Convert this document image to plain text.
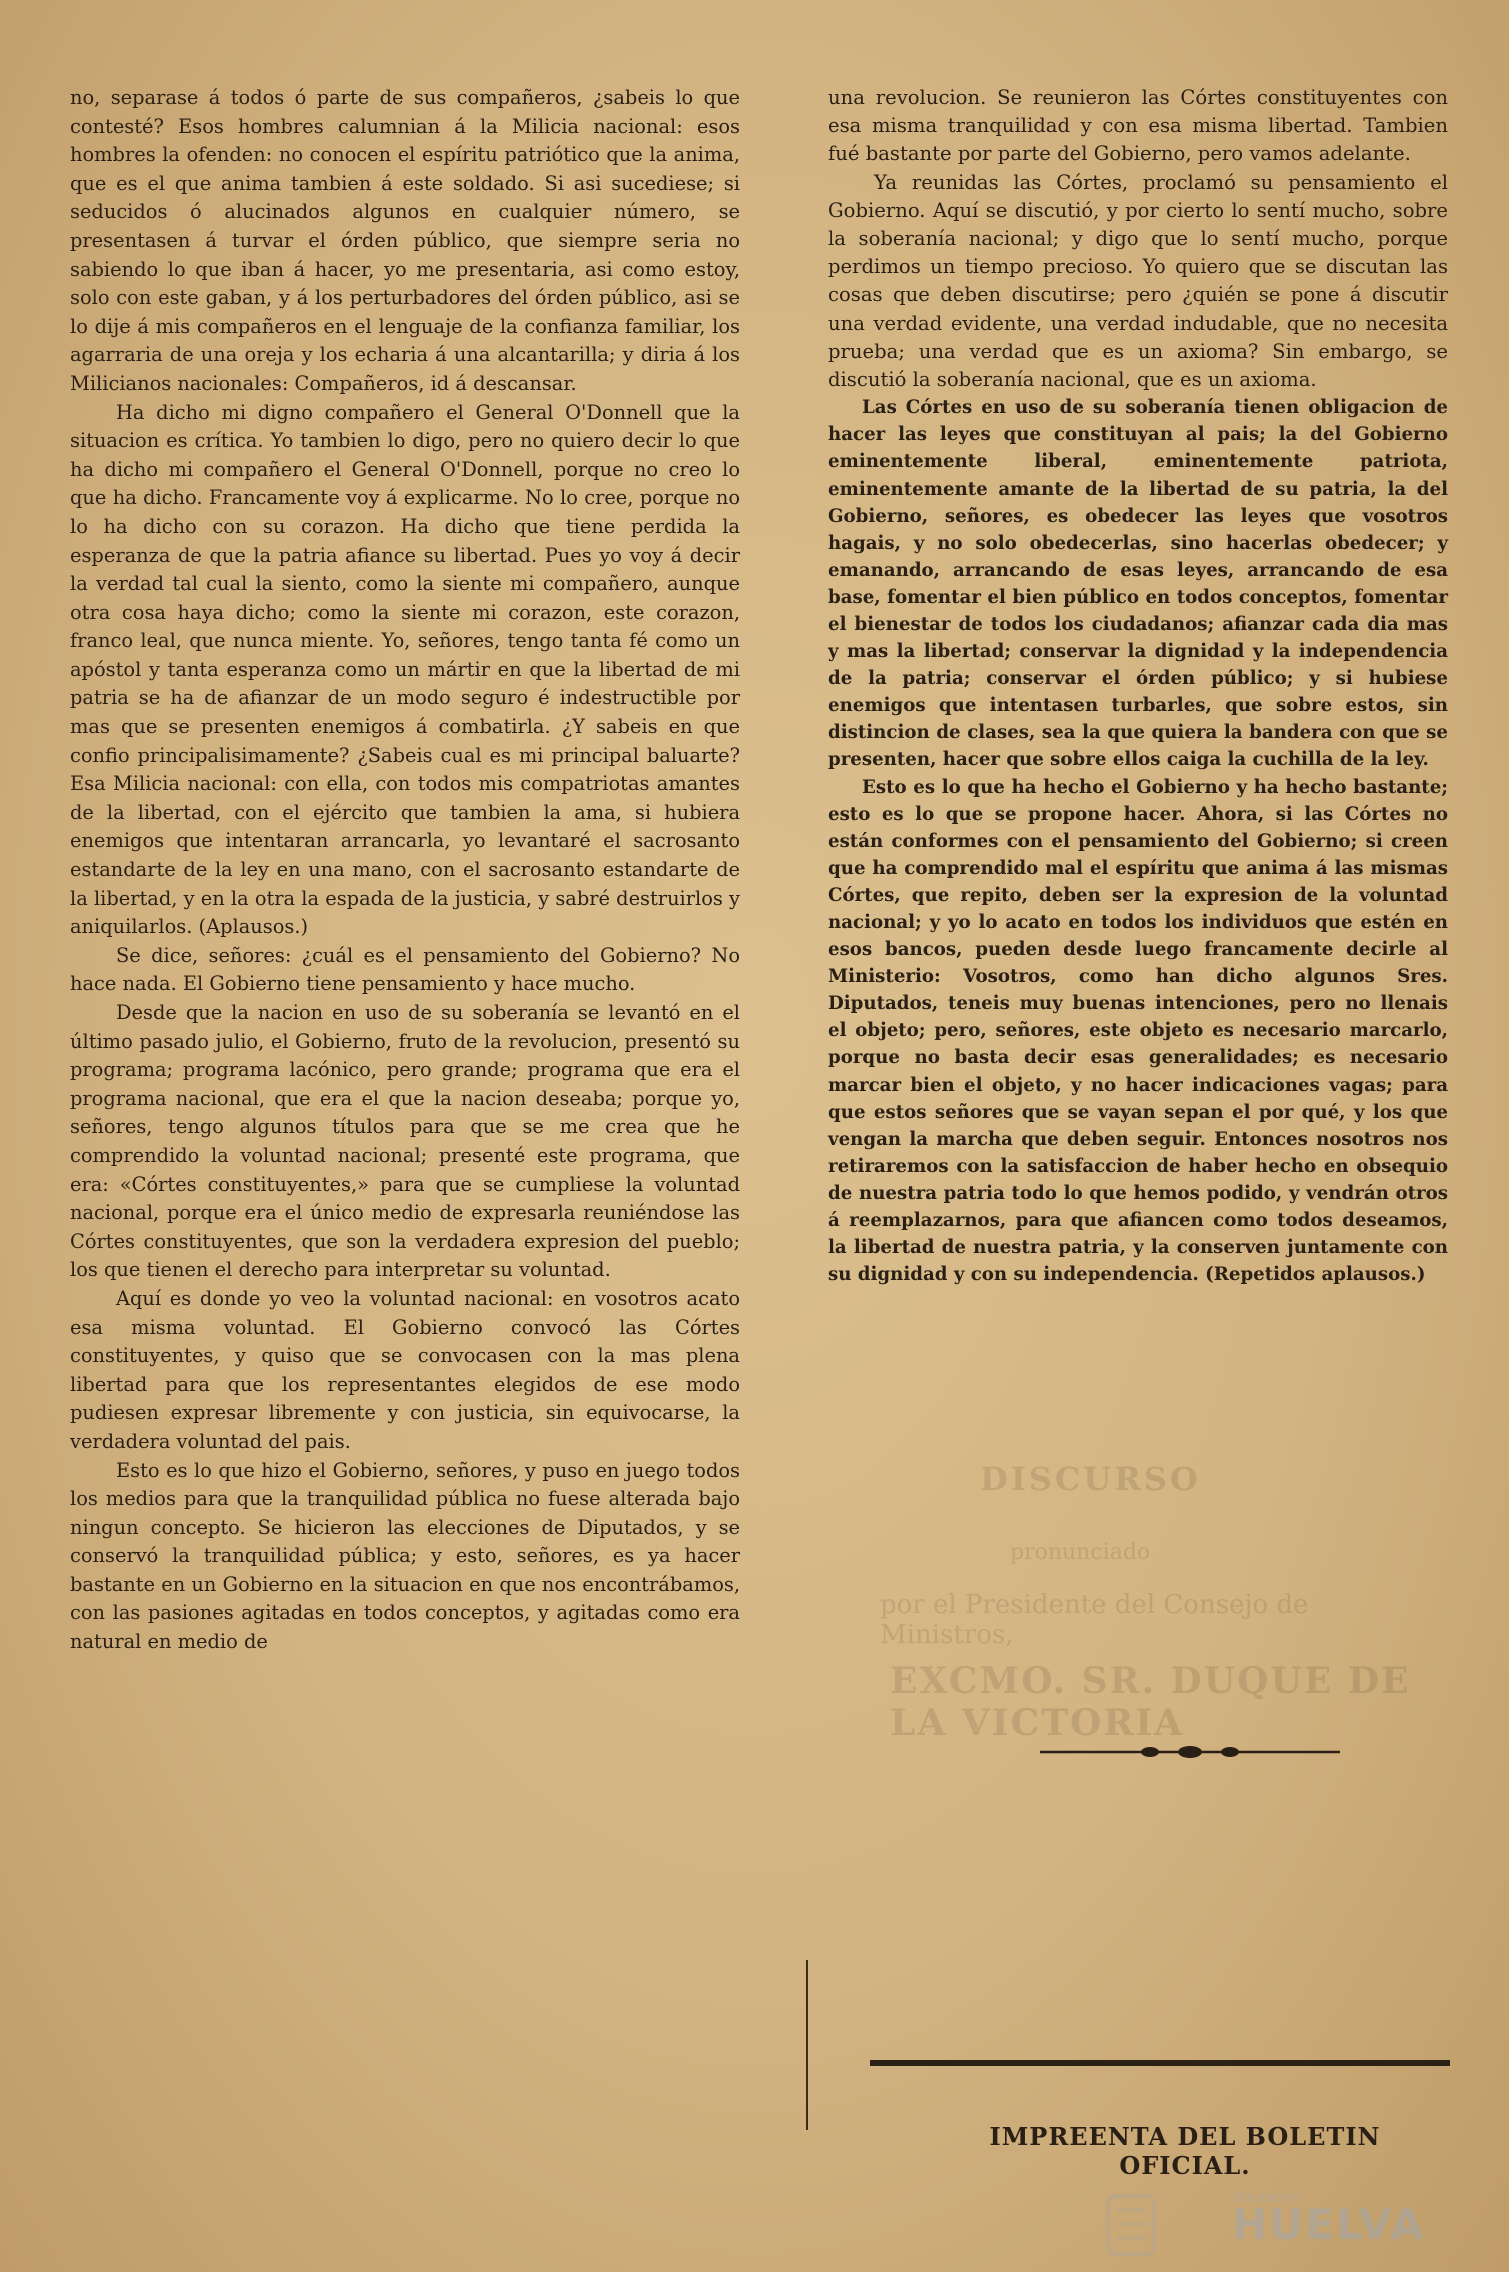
DISCURSO
pronunciado
por el Presidente del Consejo de Ministros,
EXCMO. SR. DUQUE DE LA VICTORIA

no, separase á todos ó parte de sus compañeros, ¿sabeis lo que contesté? Esos hombres calumnian á la Milicia nacional: esos hombres la ofenden: no conocen el espíritu patriótico que la anima, que es el que anima tambien á este soldado. Si asi sucediese; si seducidos ó alucinados algunos en cualquier número, se presentasen á turvar el órden público, que siempre seria no sabiendo lo que iban á hacer, yo me presentaria, asi como estoy, solo con este gaban, y á los perturbadores del órden público, asi se lo dije á mis compañeros en el lenguaje de la confianza familiar, los agarraria de una oreja y los echaria á una alcantarilla; y diria á los Milicianos nacionales: Compañeros, id á descansar.

Ha dicho mi digno compañero el General O'Donnell que la situacion es crítica. Yo tambien lo digo, pero no quiero decir lo que ha dicho mi compañero el General O'Donnell, porque no creo lo que ha dicho. Francamente voy á explicarme. No lo cree, porque no lo ha dicho con su corazon. Ha dicho que tiene perdida la esperanza de que la patria afiance su libertad. Pues yo voy á decir la verdad tal cual la siento, como la siente mi compañero, aunque otra cosa haya dicho; como la siente mi corazon, este corazon, franco leal, que nunca miente. Yo, señores, tengo tanta fé como un apóstol y tanta esperanza como un mártir en que la libertad de mi patria se ha de afianzar de un modo seguro é indestructible por mas que se presenten enemigos á combatirla. ¿Y sabeis en que confio principalisimamente? ¿Sabeis cual es mi principal baluarte? Esa Milicia nacional: con ella, con todos mis compatriotas amantes de la libertad, con el ejército que tambien la ama, si hubiera enemigos que intentaran arrancarla, yo levantaré el sacrosanto estandarte de la ley en una mano, con el sacrosanto estandarte de la libertad, y en la otra la espada de la justicia, y sabré destruirlos y aniquilarlos. (Aplausos.)

Se dice, señores: ¿cuál es el pensamiento del Gobierno? No hace nada. El Gobierno tiene pensamiento y hace mucho.

Desde que la nacion en uso de su soberanía se levantó en el último pasado julio, el Gobierno, fruto de la revolucion, presentó su programa; programa lacónico, pero grande; programa que era el programa nacional, que era el que la nacion deseaba; porque yo, señores, tengo algunos títulos para que se me crea que he comprendido la voluntad nacional; presenté este programa, que era: «Córtes constituyentes,» para que se cumpliese la voluntad nacional, porque era el único medio de expresarla reuniéndose las Córtes constituyentes, que son la verdadera expresion del pueblo; los que tienen el derecho para interpretar su voluntad.

Aquí es donde yo veo la voluntad nacional: en vosotros acato esa misma voluntad. El Gobierno convocó las Córtes constituyentes, y quiso que se convocasen con la mas plena libertad para que los representantes elegidos de ese modo pudiesen expresar libremente y con justicia, sin equivocarse, la verdadera voluntad del pais.

Esto es lo que hizo el Gobierno, señores, y puso en juego todos los medios para que la tranquilidad pública no fuese alterada bajo ningun concepto. Se hicieron las elecciones de Diputados, y se conservó la tranquilidad pública; y esto, señores, es ya hacer bastante en un Gobierno en la situacion en que nos encontrábamos, con las pasiones agitadas en todos conceptos, y agitadas como era natural en medio de

una revolucion. Se reunieron las Córtes constituyentes con esa misma tranquilidad y con esa misma libertad. Tambien fué bastante por parte del Gobierno, pero vamos adelante.

Ya reunidas las Córtes, proclamó su pensamiento el Gobierno. Aquí se discutió, y por cierto lo sentí mucho, sobre la soberanía nacional; y digo que lo sentí mucho, porque perdimos un tiempo precioso. Yo quiero que se discutan las cosas que deben discutirse; pero ¿quién se pone á discutir una verdad evidente, una verdad indudable, que no necesita prueba; una verdad que es un axioma? Sin embargo, se discutió la soberanía nacional, que es un axioma.

Las Córtes en uso de su soberanía tienen obligacion de hacer las leyes que constituyan al pais; la del Gobierno eminentemente liberal, eminentemente patriota, eminentemente amante de la libertad de su patria, la del Gobierno, señores, es obedecer las leyes que vosotros hagais, y no solo obedecerlas, sino hacerlas obedecer; y emanando, arrancando de esas leyes, arrancando de esa base, fomentar el bien público en todos conceptos, fomentar el bienestar de todos los ciudadanos; afianzar cada dia mas y mas la libertad; conservar la dignidad y la independencia de la patria; conservar el órden público; y si hubiese enemigos que intentasen turbarles, que sobre estos, sin distincion de clases, sea la que quiera la bandera con que se presenten, hacer que sobre ellos caiga la cuchilla de la ley.

Esto es lo que ha hecho el Gobierno y ha hecho bastante; esto es lo que se propone hacer. Ahora, si las Córtes no están conformes con el pensamiento del Gobierno; si creen que ha comprendido mal el espíritu que anima á las mismas Córtes, que repito, deben ser la expresion de la voluntad nacional; y yo lo acato en todos los individuos que estén en esos bancos, pueden desde luego francamente decirle al Ministerio: Vosotros, como han dicho algunos Sres. Diputados, teneis muy buenas intenciones, pero no llenais el objeto; pero, señores, este objeto es necesario marcarlo, porque no basta decir esas generalidades; es necesario marcar bien el objeto, y no hacer indicaciones vagas; para que estos señores que se vayan sepan el por qué, y los que vengan la marcha que deben seguir. Entonces nosotros nos retiraremos con la satisfaccion de haber hecho en obsequio de nuestra patria todo lo que hemos podido, y vendrán otros á reemplazarnos, para que afiancen como todos deseamos, la libertad de nuestra patria, y la conserven juntamente con su dignidad y con su independencia. (Repetidos aplausos.)

IMPREENTA DEL BOLETIN OFICIAL.
Diputación
HUELVA
